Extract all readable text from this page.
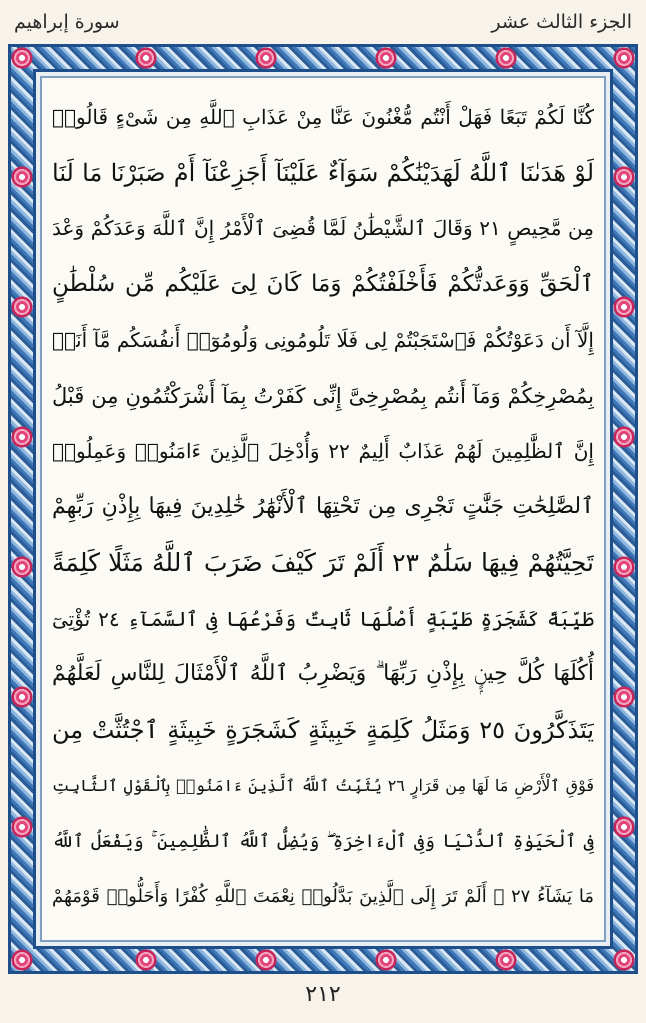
الجزء الثالث عشر
سورة إبراهيم
كُنَّا لَكُمْ تَبَعًا فَهَلْ أَنْتُم مُّغْنُونَ عَنَّا مِنْ عَذَابِ ٱللَّهِ مِن شَىْءٍ قَالُوا۟
لَوْ هَدَىٰنَا ٱللَّهُ لَهَدَيْنَٰكُمْ سَوَآءٌ عَلَيْنَآ أَجَزِعْنَآ أَمْ صَبَرْنَا مَا لَنَا
مِن مَّحِيصٍ ٢١ وَقَالَ ٱلشَّيْطَٰنُ لَمَّا قُضِىَ ٱلْأَمْرُ إِنَّ ٱللَّهَ وَعَدَكُمْ وَعْدَ
ٱلْحَقِّ وَوَعَدتُّكُمْ فَأَخْلَفْتُكُمْ وَمَا كَانَ لِىَ عَلَيْكُم مِّن سُلْطَٰنٍ
إِلَّآ أَن دَعَوْتُكُمْ فَٱسْتَجَبْتُمْ لِى فَلَا تَلُومُونِى وَلُومُوٓا۟ أَنفُسَكُم مَّآ أَنَا۠
بِمُصْرِخِكُمْ وَمَآ أَنتُم بِمُصْرِخِىَّ إِنِّى كَفَرْتُ بِمَآ أَشْرَكْتُمُونِ مِن قَبْلُ
إِنَّ ٱلظَّٰلِمِينَ لَهُمْ عَذَابٌ أَلِيمٌ ٢٢ وَأُدْخِلَ ٱلَّذِينَ ءَامَنُوا۟ وَعَمِلُوا۟
ٱلصَّٰلِحَٰتِ جَنَّٰتٍ تَجْرِى مِن تَحْتِهَا ٱلْأَنْهَٰرُ خَٰلِدِينَ فِيهَا بِإِذْنِ رَبِّهِمْ
تَحِيَّتُهُمْ فِيهَا سَلَٰمٌ ٢٣ أَلَمْ تَرَ كَيْفَ ضَرَبَ ٱللَّهُ مَثَلًا كَلِمَةً
طَيِّبَةً كَشَجَرَةٍ طَيِّبَةٍ أَصْلُهَا ثَابِتٌ وَفَرْعُهَا فِى ٱلسَّمَآءِ ٢٤ تُؤْتِىٓ
أُكُلَهَا كُلَّ حِينٍۭ بِإِذْنِ رَبِّهَا ۗ وَيَضْرِبُ ٱللَّهُ ٱلْأَمْثَالَ لِلنَّاسِ لَعَلَّهُمْ
يَتَذَكَّرُونَ ٢٥ وَمَثَلُ كَلِمَةٍ خَبِيثَةٍ كَشَجَرَةٍ خَبِيثَةٍ ٱجْتُثَّتْ مِن
فَوْقِ ٱلْأَرْضِ مَا لَهَا مِن قَرَارٍ ٢٦ يُثَبِّتُ ٱللَّهُ ٱلَّذِينَ ءَامَنُوا۟ بِٱلْقَوْلِ ٱلثَّابِتِ
فِى ٱلْحَيَوٰةِ ٱلدُّنْيَا وَفِى ٱلْءَاخِرَةِ ۖ وَيُضِلُّ ٱللَّهُ ٱلظَّٰلِمِينَ ۚ وَيَفْعَلُ ٱللَّهُ
مَا يَشَآءُ ٢٧ ۞ أَلَمْ تَرَ إِلَى ٱلَّذِينَ بَدَّلُوا۟ نِعْمَتَ ٱللَّهِ كُفْرًا وَأَحَلُّوا۟ قَوْمَهُمْ
٢١٢
